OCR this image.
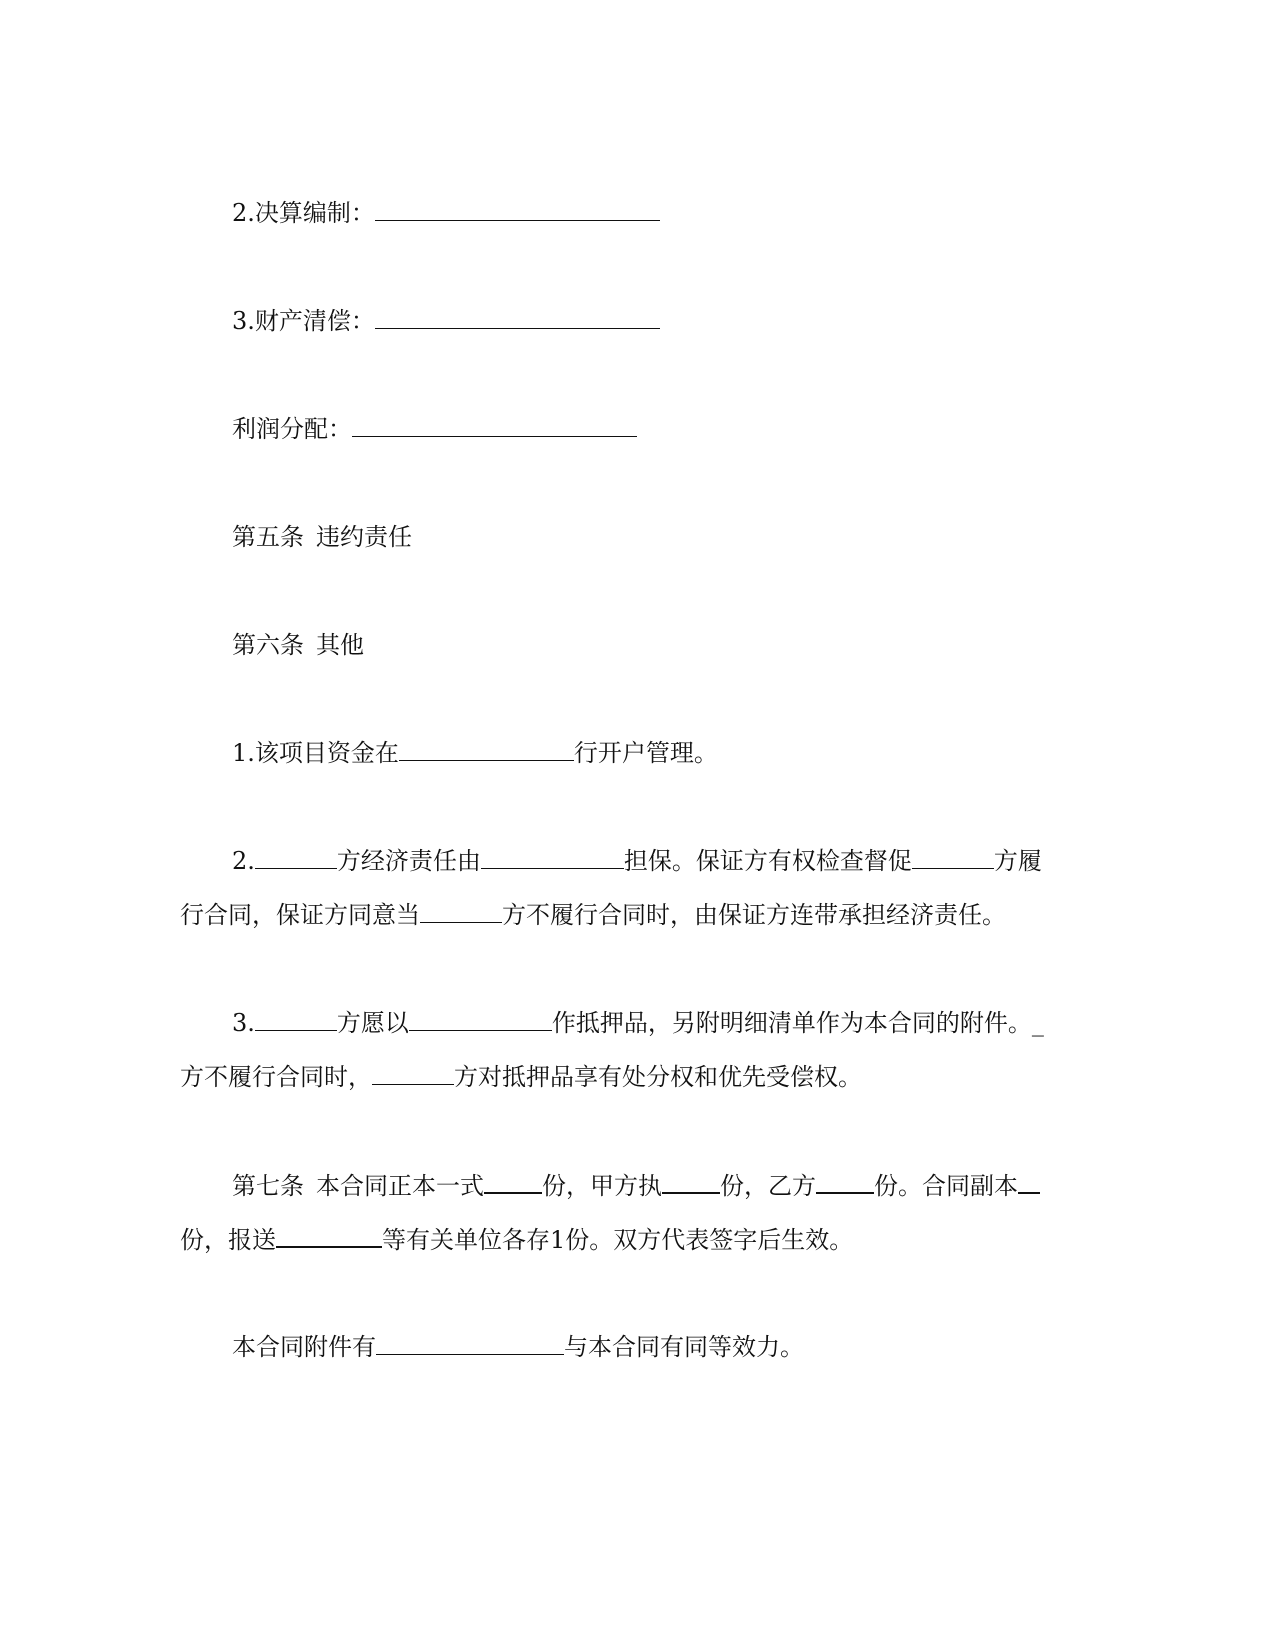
2.决算编制：
3.财产清偿：
利润分配：
第五条 违约责任
第六条 其他
1.该项目资金在	行开户管理。
2.	方经济责任由	担保。保证方有权检查督促	方履
行合同，保证方同意当	方不履行合同时，由保证方连带承担经济责任。
3.	方愿以	作抵押品，另附明细清单作为本合同的附件。_
方不履行合同时，	方对抵押品享有处分权和优先受偿权。
第七条 本合同正本一式 份，甲方执 份，乙方 份。合同副本
份，报送	等有关单位各存1份。双方代表签字后生效。
本合同附件有	与本合同有同等效力。
